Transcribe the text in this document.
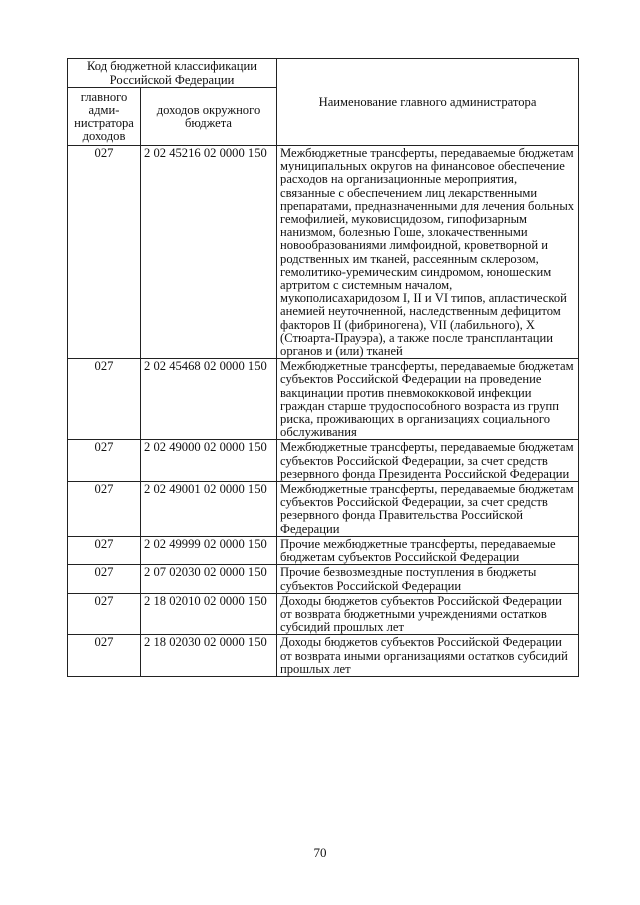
Код бюджетной классификации Российской Федерации		Наименование главного администратора
главного адми-нистратора доходов	доходов окружного бюджета	
027	2 02 45216 02 0000 150	Межбюджетные трансферты, передаваемые бюджетам муниципальных округов на финансовое обеспечение расходов на организационные мероприятия, связанные с обеспечением лиц лекарственными препаратами, предназначенными для лечения больных гемофилией, муковисцидозом, гипофизарным нанизмом, болезнью Гоше, злокачественными новообразованиями лимфоидной, кроветворной и родственных им тканей, рассеянным склерозом, гемолитико-уремическим синдромом, юношеским артритом с системным началом, мукополисахаридозом I, II и VI типов, апластической анемией неуточненной, наследственным дефицитом факторов II (фибриногена), VII (лабильного), X (Стюарта-Прауэра), а также после трансплантации органов и (или) тканей
027	2 02 45468 02 0000 150	Межбюджетные трансферты, передаваемые бюджетам субъектов Российской Федерации на проведение вакцинации против пневмококковой инфекции граждан старше трудоспособного возраста из групп риска, проживающих в организациях социального обслуживания
027	2 02 49000 02 0000 150	Межбюджетные трансферты, передаваемые бюджетам субъектов Российской Федерации, за счет средств резервного фонда Президента Российской Федерации
027	2 02 49001 02 0000 150	Межбюджетные трансферты, передаваемые бюджетам субъектов Российской Федерации, за счет средств резервного фонда Правительства Российской Федерации
027	2 02 49999 02 0000 150	Прочие межбюджетные трансферты, передаваемые бюджетам субъектов Российской Федерации
027	2 07 02030 02 0000 150	Прочие безвозмездные поступления в бюджеты субъектов Российской Федерации
027	2 18 02010 02 0000 150	Доходы бюджетов субъектов Российской Федерации от возврата бюджетными учреждениями остатков субсидий прошлых лет
027	2 18 02030 02 0000 150	Доходы бюджетов субъектов Российской Федерации от возврата иными организациями остатков субсидий прошлых лет
70
